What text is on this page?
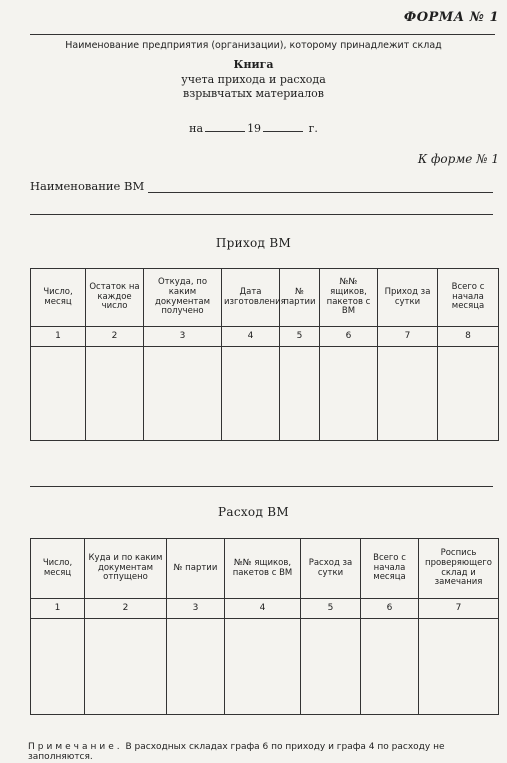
ФОРМА № 1
Наименование предприятия (организации), которому принадлежит склад
Книга
учета прихода и расхода
взрывчатых материалов
на	19	г.
К форме № 1
Наименование ВМ
Приход ВМ
Число, месяц	Остаток на каждое число	Откуда, по каким документам получено	Дата изготовления	№ партии	№№ ящиков, пакетов с ВМ	Приход за сутки	Всего с начала месяца
1	2	3	4	5	6	7	8

Расход ВМ
Число, месяц	Куда и по каким документам отпущено	№ партии	№№ ящиков, пакетов с ВМ	Расход за сутки	Всего с начала месяца	Роспись проверяющего склад и замечания
1	2	3	4	5	6	7

Примечание. В расходных складах графа 6 по приходу и графа 4 по расходу не заполняются.
